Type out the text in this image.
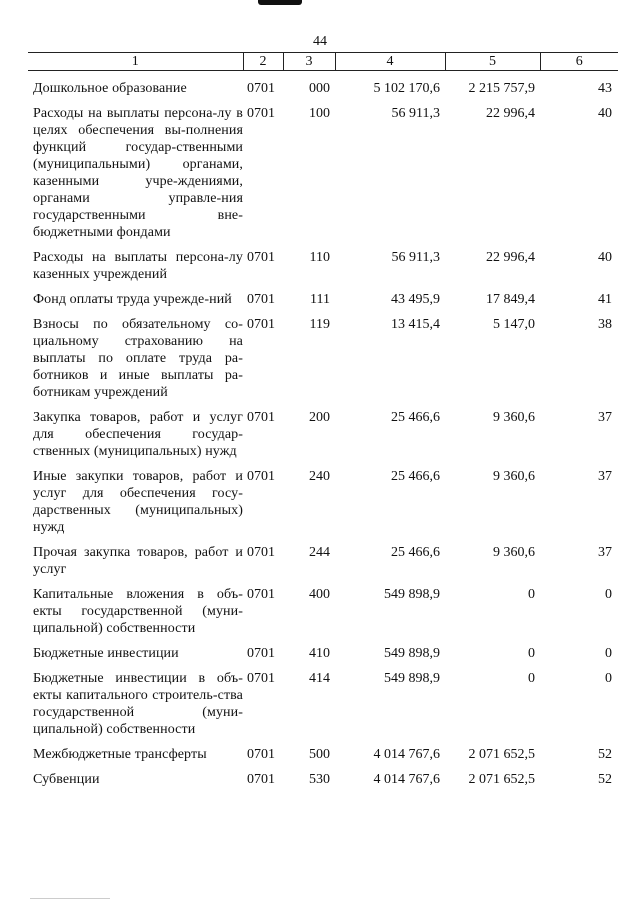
44
1	2	3	4	5	6
Дошкольное образование	0701	000	5 102 170,6	2 215 757,9	43
Расходы на выплаты персона-лу в целях обеспечения вы-полнения функций государ-ственными (муниципальными) органами, казенными учре-ждениями, органами управле-ния государственными вне-бюджетными фондами	0701	100	56 911,3	22 996,4	40
Расходы на выплаты персона-лу казенных учреждений	0701	110	56 911,3	22 996,4	40
Фонд оплаты труда учрежде-ний	0701	111	43 495,9	17 849,4	41
Взносы по обязательному со-циальному страхованию на выплаты по оплате труда ра-ботников и иные выплаты ра-ботникам учреждений	0701	119	13 415,4	5 147,0	38
Закупка товаров, работ и услуг для обеспечения государ-ственных (муниципальных) нужд	0701	200	25 466,6	9 360,6	37
Иные закупки товаров, работ и услуг для обеспечения госу-дарственных (муниципальных) нужд	0701	240	25 466,6	9 360,6	37
Прочая закупка товаров, работ и услуг	0701	244	25 466,6	9 360,6	37
Капитальные вложения в объ-екты государственной (муни-ципальной) собственности	0701	400	549 898,9	0	0
Бюджетные инвестиции	0701	410	549 898,9	0	0
Бюджетные инвестиции в объ-екты капитального строитель-ства государственной (муни-ципальной) собственности	0701	414	549 898,9	0	0
Межбюджетные трансферты	0701	500	4 014 767,6	2 071 652,5	52
Субвенции	0701	530	4 014 767,6	2 071 652,5	52
